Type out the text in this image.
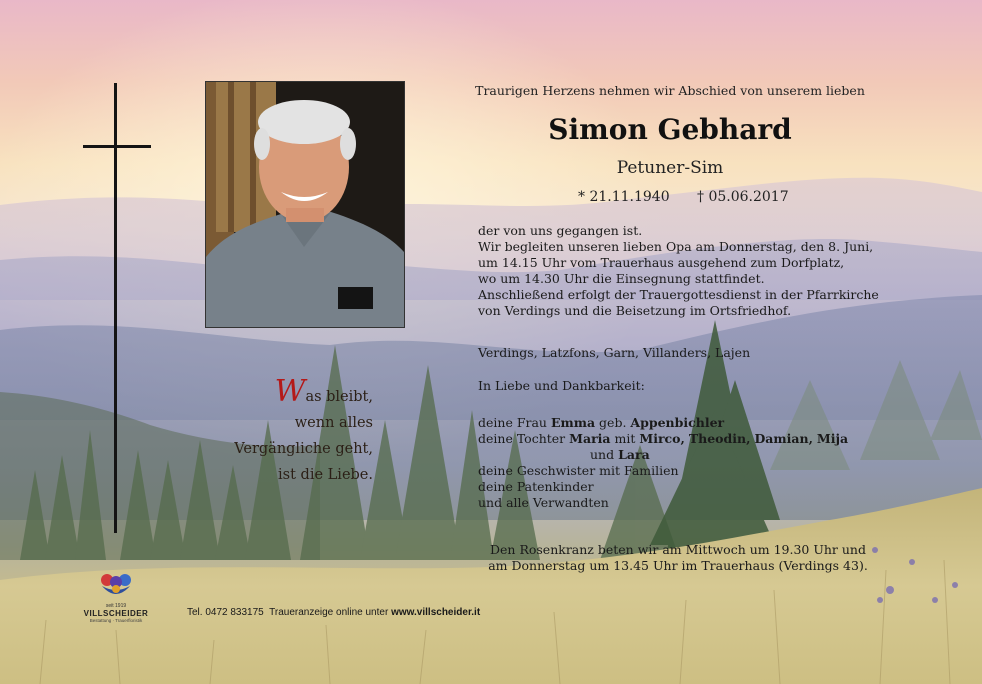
Traurigen Herzens nehmen wir Abschied von unserem lieben
Simon Gebhard
Petuner-Sim
* 21.11.1940 † 05.06.2017
der von uns gegangen ist.
Wir begleiten unseren lieben Opa am Donnerstag, den 8. Juni,
um 14.15 Uhr vom Trauerhaus ausgehend zum Dorfplatz,
wo um 14.30 Uhr die Einsegnung stattfindet.
Anschließend erfolgt der Trauergottesdienst in der Pfarrkirche
von Verdings und die Beisetzung im Ortsfriedhof.
Verdings, Latzfons, Garn, Villanders, Lajen
In Liebe und Dankbarkeit:
deine Frau Emma geb. Appenbichler
deine Tochter Maria mit Mirco, Theodin, Damian, Mija
und Lara
deine Geschwister mit Familien
deine Patenkinder
und alle Verwandten
Was bleibt,
wenn alles
Vergängliche geht,
ist die Liebe.
Den Rosenkranz beten wir am Mittwoch um 19.30 Uhr und
am Donnerstag um 13.45 Uhr im Trauerhaus (Verdings 43).
seit 1919
VILLSCHEIDER
Bestattung · Trauerfloristik
Tel. 0472 833175 Traueranzeige online unter www.villscheider.it
